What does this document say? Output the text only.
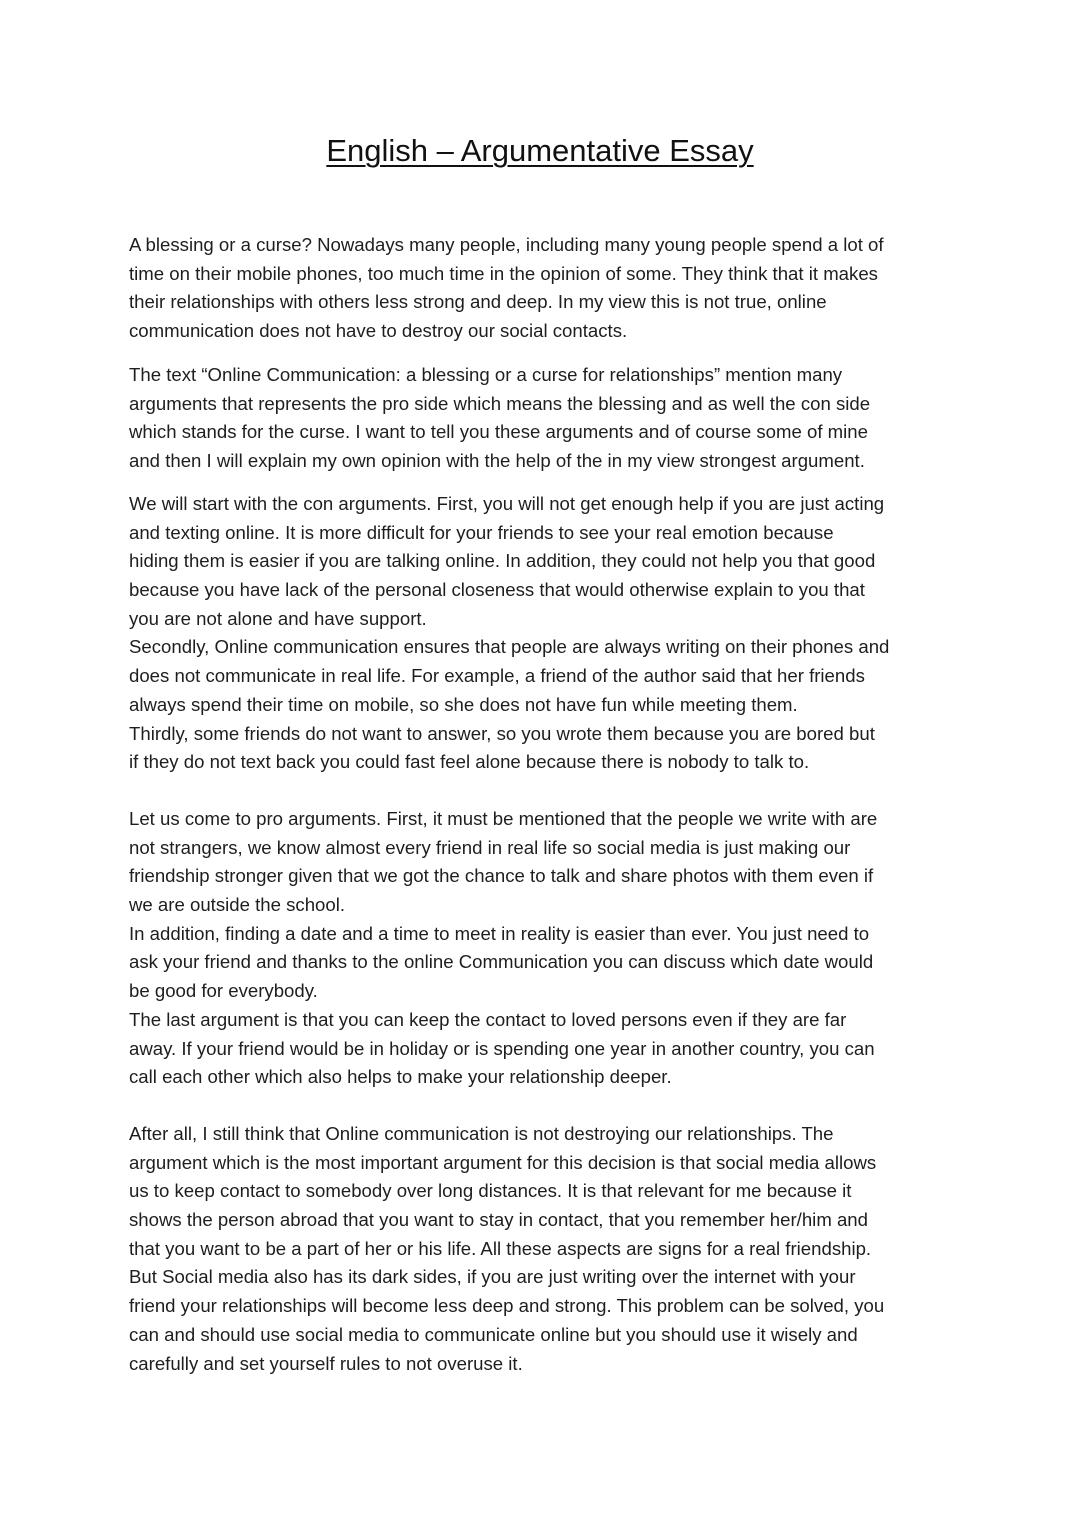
English – Argumentative Essay
A blessing or a curse? Nowadays many people, including many young people spend a lot of
time on their mobile phones, too much time in the opinion of some. They think that it makes
their relationships with others less strong and deep. In my view this is not true, online
communication does not have to destroy our social contacts.
The text “Online Communication: a blessing or a curse for relationships” mention many
arguments that represents the pro side which means the blessing and as well the con side
which stands for the curse. I want to tell you these arguments and of course some of mine
and then I will explain my own opinion with the help of the in my view strongest argument.
We will start with the con arguments. First, you will not get enough help if you are just acting
and texting online. It is more difficult for your friends to see your real emotion because
hiding them is easier if you are talking online. In addition, they could not help you that good
because you have lack of the personal closeness that would otherwise explain to you that
you are not alone and have support.
Secondly, Online communication ensures that people are always writing on their phones and
does not communicate in real life. For example, a friend of the author said that her friends
always spend their time on mobile, so she does not have fun while meeting them.
Thirdly, some friends do not want to answer, so you wrote them because you are bored but
if they do not text back you could fast feel alone because there is nobody to talk to.
Let us come to pro arguments. First, it must be mentioned that the people we write with are
not strangers, we know almost every friend in real life so social media is just making our
friendship stronger given that we got the chance to talk and share photos with them even if
we are outside the school.
In addition, finding a date and a time to meet in reality is easier than ever. You just need to
ask your friend and thanks to the online Communication you can discuss which date would
be good for everybody.
The last argument is that you can keep the contact to loved persons even if they are far
away. If your friend would be in holiday or is spending one year in another country, you can
call each other which also helps to make your relationship deeper.
After all, I still think that Online communication is not destroying our relationships. The
argument which is the most important argument for this decision is that social media allows
us to keep contact to somebody over long distances. It is that relevant for me because it
shows the person abroad that you want to stay in contact, that you remember her/him and
that you want to be a part of her or his life. All these aspects are signs for a real friendship.
But Social media also has its dark sides, if you are just writing over the internet with your
friend your relationships will become less deep and strong. This problem can be solved, you
can and should use social media to communicate online but you should use it wisely and
carefully and set yourself rules to not overuse it.
